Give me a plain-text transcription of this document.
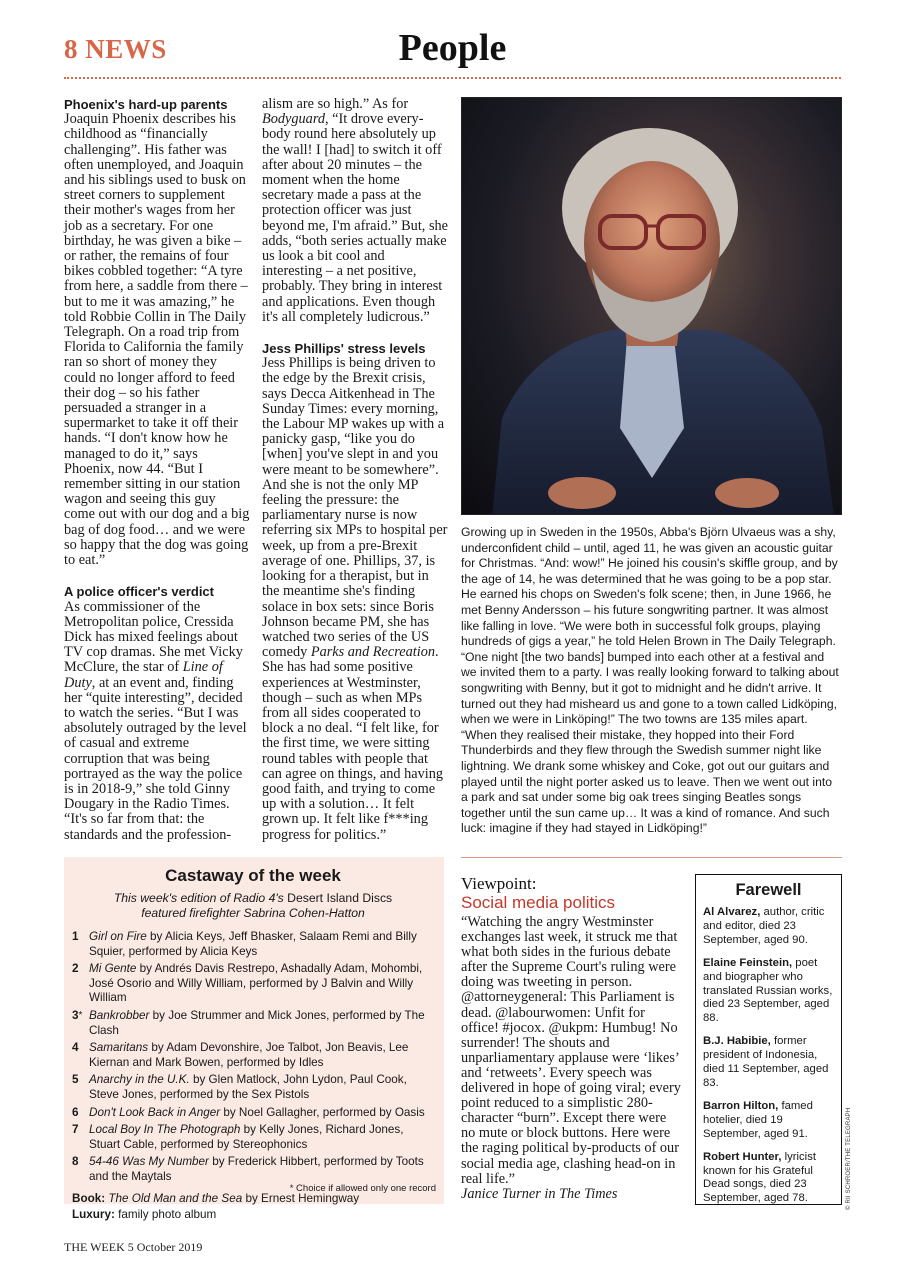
8 NEWS	People

Phoenix's hard-up parents
Joaquin Phoenix describes his childhood as “financially challenging”. His father was often unemployed, and Joaquin and his siblings used to busk on street corners to supplement their mother's wages from her job as a secretary. For one birthday, he was given a bike – or rather, the remains of four bikes cobbled together: “A tyre from here, a saddle from there – but to me it was amazing,” he told Robbie Collin in The Daily Telegraph. On a road trip from Florida to California the family ran so short of money they could no longer afford to feed their dog – so his father persuaded a stranger in a supermarket to take it off their hands. “I don't know how he managed to do it,” says Phoenix, now 44. “But I remember sitting in our station wagon and seeing this guy come out with our dog and a big bag of dog food… and we were so happy that the dog was going to eat.”

A police officer's verdict
As commissioner of the Metropolitan police, Cressida Dick has mixed feelings about TV cop dramas. She met Vicky McClure, the star of Line of Duty, at an event and, finding her “quite interesting”, decided to watch the series. “But I was absolutely outraged by the level of casual and extreme corruption that was being portrayed as the way the police is in 2018-9,” she told Ginny Dougary in the Radio Times. “It's so far from that: the standards and the profession-

alism are so high.” As for Bodyguard, “It drove every-body round here absolutely up the wall! I [had] to switch it off after about 20 minutes – the moment when the home secretary made a pass at the protection officer was just beyond me, I'm afraid.” But, she adds, “both series actually make us look a bit cool and interesting – a net positive, probably. They bring in interest and applications. Even though it's all completely ludicrous.”

Jess Phillips' stress levels
Jess Phillips is being driven to the edge by the Brexit crisis, says Decca Aitkenhead in The Sunday Times: every morning, the Labour MP wakes up with a panicky gasp, “like you do [when] you've slept in and you were meant to be somewhere”. And she is not the only MP feeling the pressure: the parliamentary nurse is now referring six MPs to hospital per week, up from a pre-Brexit average of one. Phillips, 37, is looking for a therapist, but in the meantime she's finding solace in box sets: since Boris Johnson became PM, she has watched two series of the US comedy Parks and Recreation. She has had some positive experiences at Westminster, though – such as when MPs from all sides cooperated to block a no deal. “I felt like, for the first time, we were sitting round tables with people that can agree on things, and having good faith, and trying to come up with a solution… It felt grown up. It felt like f***ing progress for politics.”

Growing up in Sweden in the 1950s, Abba's Björn Ulvaeus was a shy, underconfident child – until, aged 11, he was given an acoustic guitar for Christmas. “And: wow!” He joined his cousin's skiffle group, and by the age of 14, he was determined that he was going to be a pop star. He earned his chops on Sweden's folk scene; then, in June 1966, he met Benny Andersson – his future songwriting partner. It was almost like falling in love. “We were both in successful folk groups, playing hundreds of gigs a year,” he told Helen Brown in The Daily Telegraph. “One night [the two bands] bumped into each other at a festival and we invited them to a party. I was really looking forward to talking about songwriting with Benny, but it got to midnight and he didn't arrive. It turned out they had misheard us and gone to a town called Lidköping, when we were in Linköping!” The two towns are 135 miles apart. “When they realised their mistake, they hopped into their Ford Thunderbirds and they flew through the Swedish summer night like lightning. We drank some whiskey and Coke, got out our guitars and played until the night porter asked us to leave. Then we went out into a park and sat under some big oak trees singing Beatles songs together until the sun came up… It was a kind of romance. And such luck: imagine if they had stayed in Lidköping!”
Castaway of the week
This week's edition of Radio 4's Desert Island Discs featured firefighter Sabrina Cohen-Hatton
1 Girl on Fire by Alicia Keys, Jeff Bhasker, Salaam Remi and Billy Squier, performed by Alicia Keys
2 Mi Gente by Andrés Davis Restrepo, Ashadally Adam, Mohombi, José Osorio and Willy William, performed by J Balvin and Willy William
3* Bankrobber by Joe Strummer and Mick Jones, performed by The Clash
4 Samaritans by Adam Devonshire, Joe Talbot, Jon Beavis, Lee Kiernan and Mark Bowen, performed by Idles
5 Anarchy in the U.K. by Glen Matlock, John Lydon, Paul Cook, Steve Jones, performed by the Sex Pistols
6 Don't Look Back in Anger by Noel Gallagher, performed by Oasis
7 Local Boy In The Photograph by Kelly Jones, Richard Jones, Stuart Cable, performed by Stereophonics
8 54-46 Was My Number by Frederick Hibbert, performed by Toots and the Maytals
Book: The Old Man and the Sea by Ernest Hemingway
Luxury: family photo album
* Choice if allowed only one record
Viewpoint:
Social media politics
“Watching the angry Westminster exchanges last week, it struck me that what both sides in the furious debate after the Supreme Court's ruling were doing was tweeting in person. @attorneygeneral: This Parliament is dead. @labourwomen: Unfit for office! #jocox. @ukpm: Humbug! No surrender! The shouts and unparliamentary applause were ‘likes’ and ‘retweets’. Every speech was delivered in hope of going viral; every point reduced to a simplistic 280-character “burn”. Except there were no mute or block buttons. Here were the raging political by-products of our social media age, clashing head-on in real life.”
Janice Turner in The Times
Farewell
Al Alvarez, author, critic and editor, died 23 September, aged 90.
Elaine Feinstein, poet and biographer who translated Russian works, died 23 September, aged 88.
B.J. Habibie, former president of Indonesia, died 11 September, aged 83.
Barron Hilton, famed hotelier, died 19 September, aged 91.
Robert Hunter, lyricist known for his Grateful Dead songs, died 23 September, aged 78.	© RII SCHROER/THE TELEGRAPH
THE WEEK 5 October 2019
